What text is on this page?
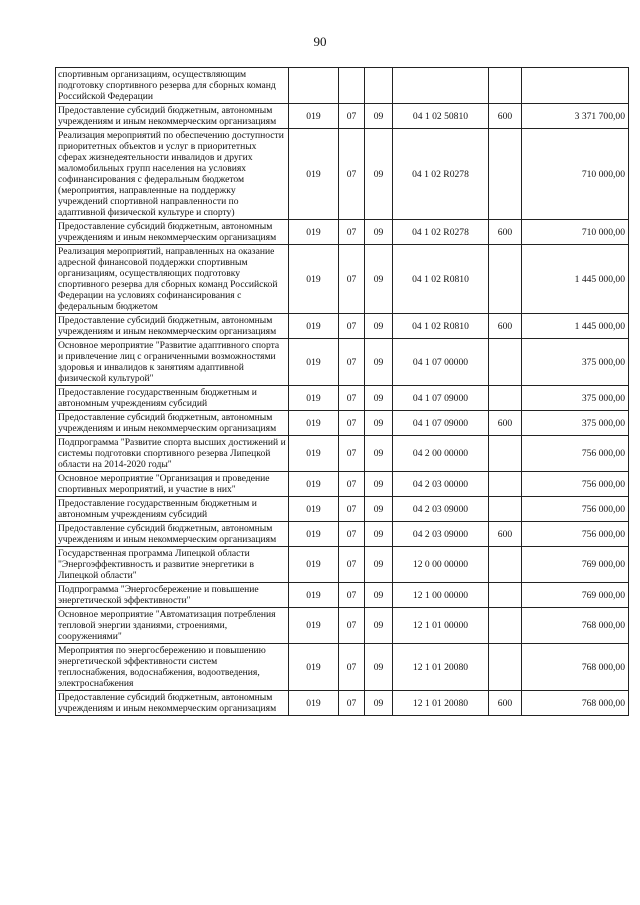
90
спортивным организациям, осуществляющим подготовку спортивного резерва для сборных команд Российской Федерации						
Предоставление субсидий бюджетным, автономным учреждениям и иным некоммерческим организациям	019	07	09	04 1 02 50810	600	3 371 700,00
Реализация мероприятий по обеспечению доступности приоритетных объектов и услуг в приоритетных сферах жизнедеятельности инвалидов и других маломобильных групп населения на условиях софинансирования с федеральным бюджетом (мероприятия, направленные на поддержку учреждений спортивной направленности по адаптивной физической культуре и спорту)	019	07	09	04 1 02 R0278		710 000,00
Предоставление субсидий бюджетным, автономным учреждениям и иным некоммерческим организациям	019	07	09	04 1 02 R0278	600	710 000,00
Реализация мероприятий, направленных на оказание адресной финансовой поддержки спортивным организациям, осуществляющих подготовку спортивного резерва для сборных команд Российской Федерации на условиях софинансирования с федеральным бюджетом	019	07	09	04 1 02 R0810		1 445 000,00
Предоставление субсидий бюджетным, автономным учреждениям и иным некоммерческим организациям	019	07	09	04 1 02 R0810	600	1 445 000,00
Основное мероприятие "Развитие адаптивного спорта и привлечение лиц с ограниченными возможностями здоровья и инвалидов к занятиям адаптивной физической культурой"	019	07	09	04 1 07 00000		375 000,00
Предоставление государственным бюджетным и автономным учреждениям субсидий	019	07	09	04 1 07 09000		375 000,00
Предоставление субсидий бюджетным, автономным учреждениям и иным некоммерческим организациям	019	07	09	04 1 07 09000	600	375 000,00
Подпрограмма "Развитие спорта высших достижений и системы подготовки спортивного резерва Липецкой области на 2014-2020 годы"	019	07	09	04 2 00 00000		756 000,00
Основное мероприятие "Организация и проведение спортивных мероприятий, и участие в них"	019	07	09	04 2 03 00000		756 000,00
Предоставление государственным бюджетным и автономным учреждениям субсидий	019	07	09	04 2 03 09000		756 000,00
Предоставление субсидий бюджетным, автономным учреждениям и иным некоммерческим организациям	019	07	09	04 2 03 09000	600	756 000,00
Государственная программа Липецкой области "Энергоэффективность и развитие энергетики в Липецкой области"	019	07	09	12 0 00 00000		769 000,00
Подпрограмма "Энергосбережение и повышение энергетической эффективности"	019	07	09	12 1 00 00000		769 000,00
Основное мероприятие "Автоматизация потребления тепловой энергии зданиями, строениями, сооружениями"	019	07	09	12 1 01 00000		768 000,00
Мероприятия по энергосбережению и повышению энергетической эффективности систем теплоснабжения, водоснабжения, водоотведения, электроснабжения	019	07	09	12 1 01 20080		768 000,00
Предоставление субсидий бюджетным, автономным учреждениям и иным некоммерческим организациям	019	07	09	12 1 01 20080	600	768 000,00
